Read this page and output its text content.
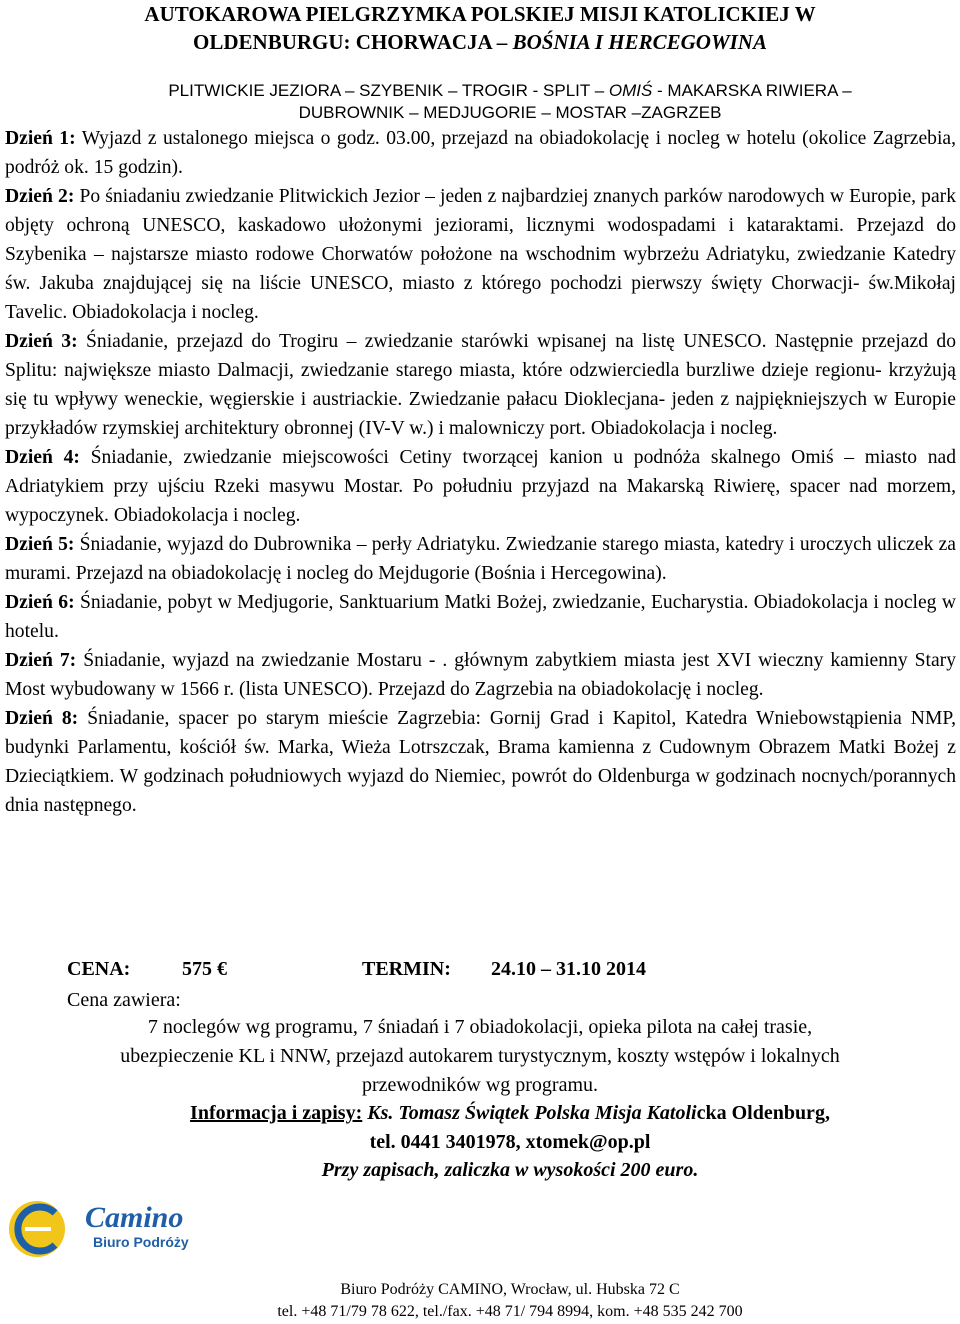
AUTOKAROWA PIELGRZYMKA POLSKIEJ MISJI KATOLICKIEJ W
OLDENBURGU: CHORWACJA – BOŚNIA I HERCEGOWINA
PLITWICKIE JEZIORA – SZYBENIK – TROGIR - SPLIT – OMIŚ - MAKARSKA RIWIERA –
DUBROWNIK – MEDJUGORIE – MOSTAR –ZAGRZEB

Dzień 1: Wyjazd z ustalonego miejsca o godz. 03.00, przejazd na obiadokolację i nocleg w hotelu (okolice Zagrzebia, podróż ok. 15 godzin).

Dzień 2: Po śniadaniu zwiedzanie Plitwickich Jezior – jeden z najbardziej znanych parków narodowych w Europie, park objęty ochroną UNESCO, kaskadowo ułożonymi jeziorami, licznymi wodospadami i kataraktami. Przejazd do Szybenika – najstarsze miasto rodowe Chorwatów położone na wschodnim wybrzeżu Adriatyku, zwiedzanie Katedry św. Jakuba znajdującej się na liście UNESCO, miasto z którego pochodzi pierwszy święty Chorwacji- św.Mikołaj Tavelic. Obiadokolacja i nocleg.

Dzień 3: Śniadanie, przejazd do Trogiru – zwiedzanie starówki wpisanej na listę UNESCO. Następnie przejazd do Splitu: największe miasto Dalmacji, zwiedzanie starego miasta, które odzwierciedla burzliwe dzieje regionu- krzyżują się tu wpływy weneckie, węgierskie i austriackie. Zwiedzanie pałacu Dioklecjana- jeden z najpiękniejszych w Europie przykładów rzymskiej architektury obronnej (IV-V w.) i malowniczy port. Obiadokolacja i nocleg.

Dzień 4: Śniadanie, zwiedzanie miejscowości Cetiny tworzącej kanion u podnóża skalnego Omiś – miasto nad Adriatykiem przy ujściu Rzeki masywu Mostar. Po południu przyjazd na Makarską Riwierę, spacer nad morzem, wypoczynek. Obiadokolacja i nocleg.

Dzień 5: Śniadanie, wyjazd do Dubrownika – perły Adriatyku. Zwiedzanie starego miasta, katedry i uroczych uliczek za murami. Przejazd na obiadokolację i nocleg do Mejdugorie (Bośnia i Hercegowina).

Dzień 6: Śniadanie, pobyt w Medjugorie, Sanktuarium Matki Bożej, zwiedzanie, Eucharystia. Obiadokolacja i nocleg w hotelu.

Dzień 7: Śniadanie, wyjazd na zwiedzanie Mostaru - . głównym zabytkiem miasta jest XVI wieczny kamienny Stary Most wybudowany w 1566 r. (lista UNESCO). Przejazd do Zagrzebia na obiadokolację i nocleg.

Dzień 8: Śniadanie, spacer po starym mieście Zagrzebia: Gornij Grad i Kapitol, Katedra Wniebowstąpienia NMP, budynki Parlamentu, kościół św. Marka, Wieża Lotrszczak, Brama kamienna z Cudownym Obrazem Matki Bożej z Dzieciątkiem. W godzinach południowych wyjazd do Niemiec, powrót do Oldenburga w godzinach nocnych/porannych dnia następnego.

CENA:	575 €	TERMIN: 24.10 – 31.10 2014
Cena zawiera:
7 noclegów wg programu, 7 śniadań i 7 obiadokolacji, opieka pilota na całej trasie,
ubezpieczenie KL i NNW, przejazd autokarem turystycznym, koszty wstępów i lokalnych
przewodników wg programu.
Informacja i zapisy: Ks. Tomasz Świątek Polska Misja Katolicka Oldenburg,
tel. 0441 3401978, xtomek@op.pl
Przy zapisach, zaliczka w wysokości 200 euro.
Camino
Biuro Podróży
Biuro Podróży CAMINO, Wrocław, ul. Hubska 72 C
tel. +48 71/79 78 622, tel./fax. +48 71/ 794 8994, kom. +48 535 242 700
